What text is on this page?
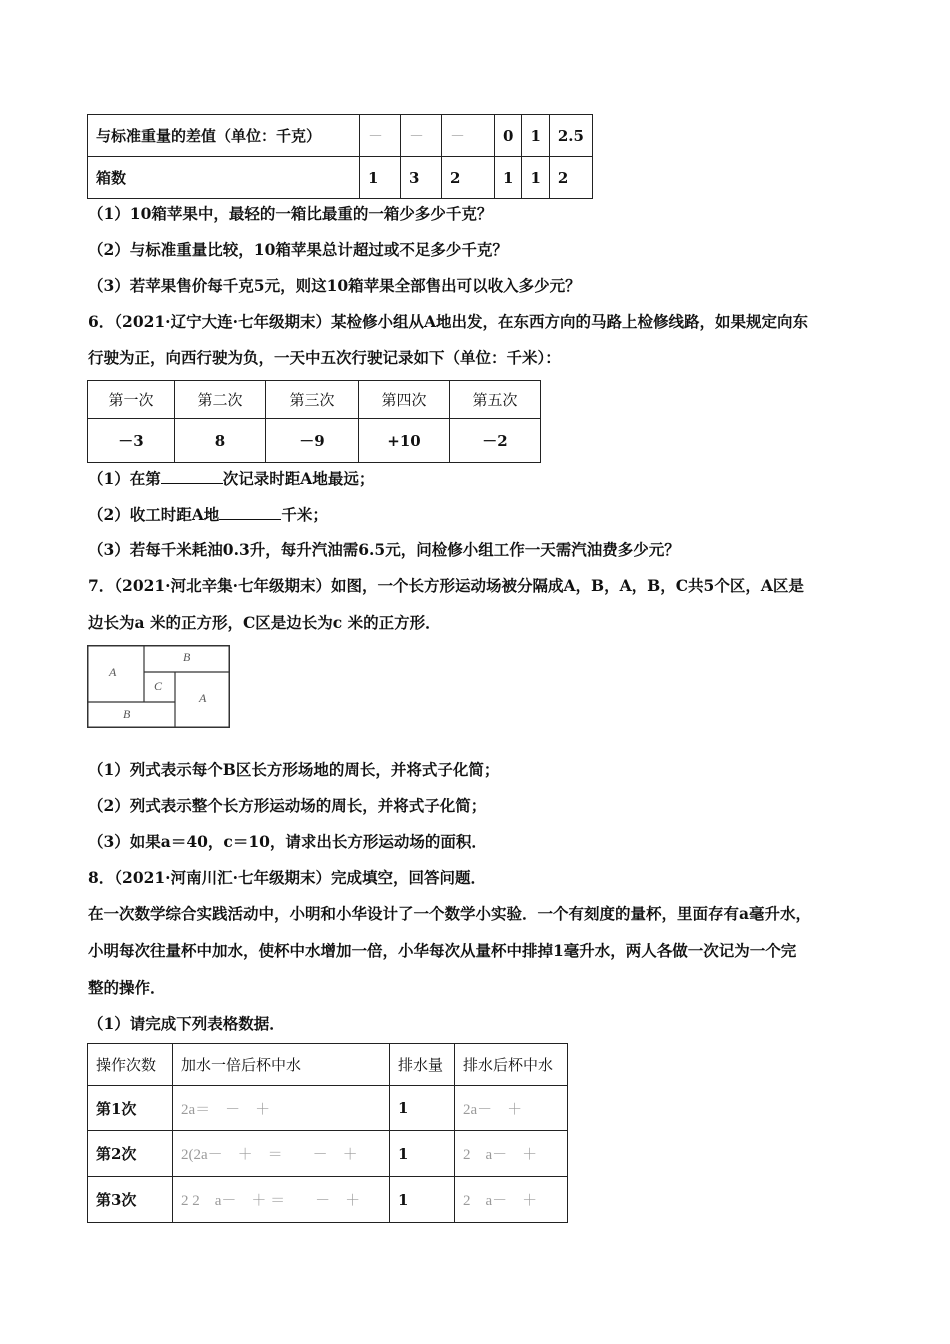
与标准重量的差值（单位：千克）	－	－	－	0	1	2.5
箱数	1	3	2	1	1	2
（1）10箱苹果中，最轻的一箱比最重的一箱少多少千克？
（2）与标准重量比较，10箱苹果总计超过或不足多少千克？
（3）若苹果售价每千克5元，则这10箱苹果全部售出可以收入多少元？
6．（2021·辽宁大连·七年级期末）某检修小组从A地出发，在东西方向的马路上检修线路，如果规定向东
行驶为正，向西行驶为负，一天中五次行驶记录如下（单位：千米）：
第一次	第二次	第三次	第四次	第五次
－3	8	－9	+10	－2
（1）在第	次记录时距A地最远；
（2）收工时距A地	千米；
（3）若每千米耗油0.3升，每升汽油需6.5元，问检修小组工作一天需汽油费多少元？
7．（2021·河北辛集·七年级期末）如图，一个长方形运动场被分隔成A，B，A，B，C共5个区，A区是
边长为a 米的正方形，C区是边长为c 米的正方形．
A
B
C
A
B
（1）列式表示每个B区长方形场地的周长，并将式子化简；
（2）列式表示整个长方形运动场的周长，并将式子化简；
（3）如果a＝40，c＝10，请求出长方形运动场的面积．
8．（2021·河南川汇·七年级期末）完成填空，回答问题．
在一次数学综合实践活动中，小明和小华设计了一个数学小实验．一个有刻度的量杯，里面存有a毫升水，
小明每次往量杯中加水，使杯中水增加一倍，小华每次从量杯中排掉1毫升水，两人各做一次记为一个完
整的操作．
（1）请完成下列表格数据．
操作次数	加水一倍后杯中水	排水量	排水后杯中水
第1次	2a＝　－　＋	1	2a－　＋
第2次	2(2a－　＋　＝　　－　＋	1	2　a－　＋
第3次	2 2　a－　＋ ＝　　－　＋	1	2　a－　＋
